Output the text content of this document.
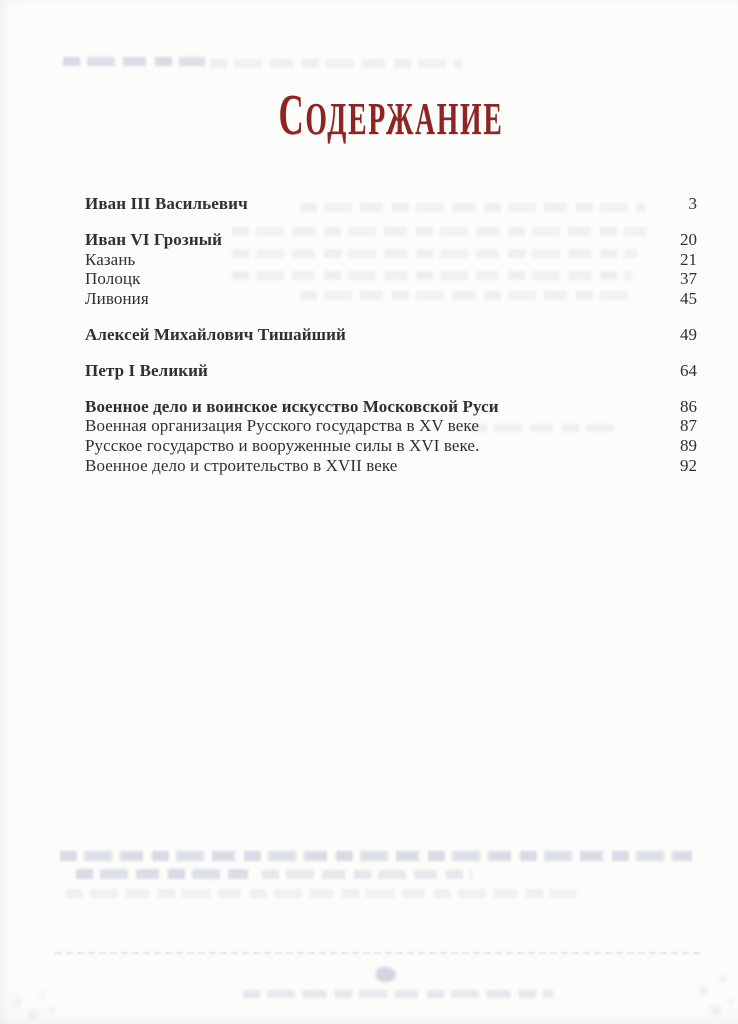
СОДЕРЖАНИЕ
Иван III Васильевич	3
Иван VI Грозный	20
Казань	21
Полоцк	37
Ливония	45
Алексей Михайлович Тишайший	49
Петр I Великий	64
Военное дело и воинское искусство Московской Руси	86
Военная организация Русского государства в XV веке	87
Русское государство и вооруженные силы в XVI веке.	89
Военное дело и строительство в XVII веке	92
